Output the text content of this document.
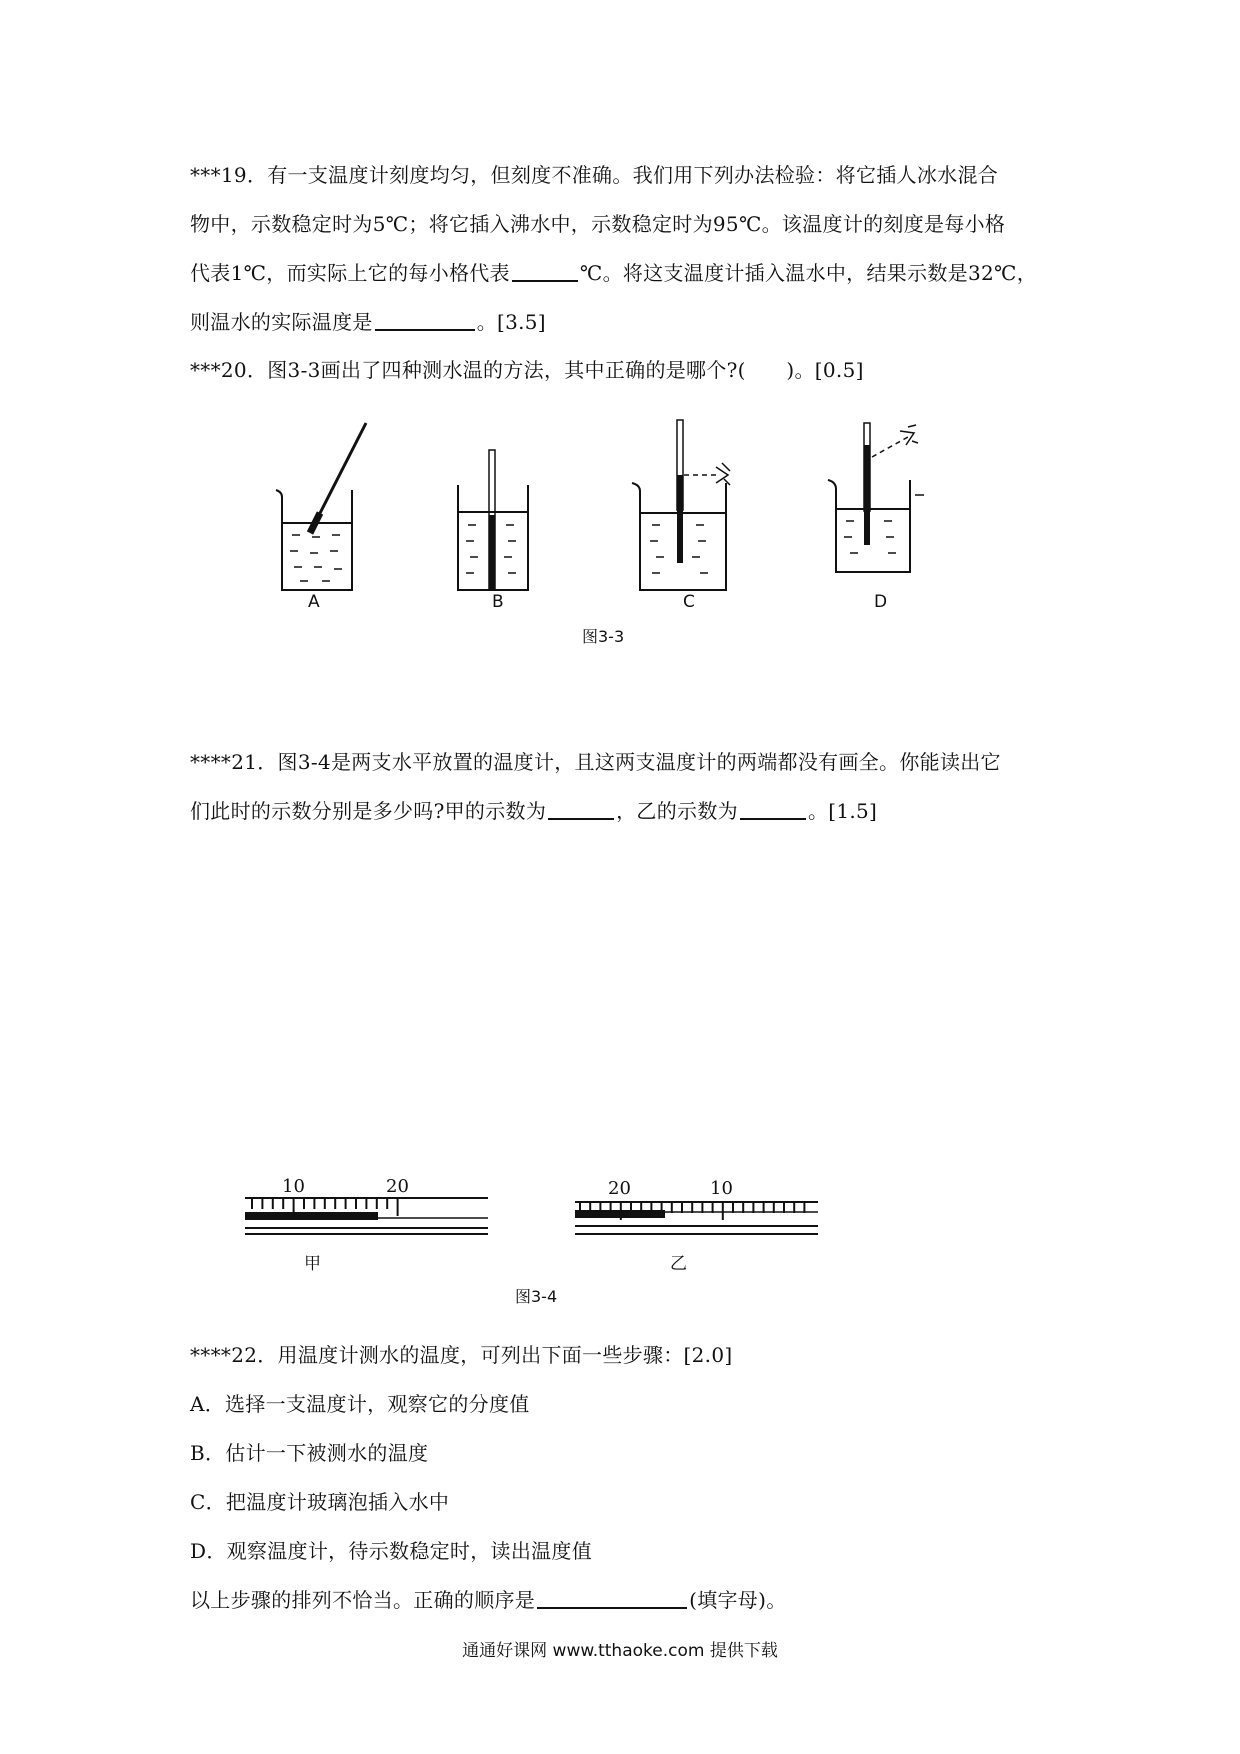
***19．有一支温度计刻度均匀，但刻度不准确。我们用下列办法检验：将它插人冰水混合
物中，示数稳定时为5℃；将它插入沸水中，示数稳定时为95℃。该温度计的刻度是每小格
代表1℃，而实际上它的每小格代表	℃。将这支温度计插入温水中，结果示数是32℃，
则温水的实际温度是	。[3.5]
***20．图3-3画出了四种测水温的方法，其中正确的是哪个?(　　)。[0.5]
A	B	C	D
图3-3
****21．图3-4是两支水平放置的温度计，且这两支温度计的两端都没有画全。你能读出它
们此时的示数分别是多少吗?甲的示数为	，乙的示数为	。[1.5]
10	20
甲
20	10
乙
图3-4
****22．用温度计测水的温度，可列出下面一些步骤：[2.0]
A．选择一支温度计，观察它的分度值
B．估计一下被测水的温度
C．把温度计玻璃泡插入水中
D．观察温度计，待示数稳定时，读出温度值
以上步骤的排列不恰当。正确的顺序是	(填字母)。
通通好课网 www.tthaoke.com 提供下载
